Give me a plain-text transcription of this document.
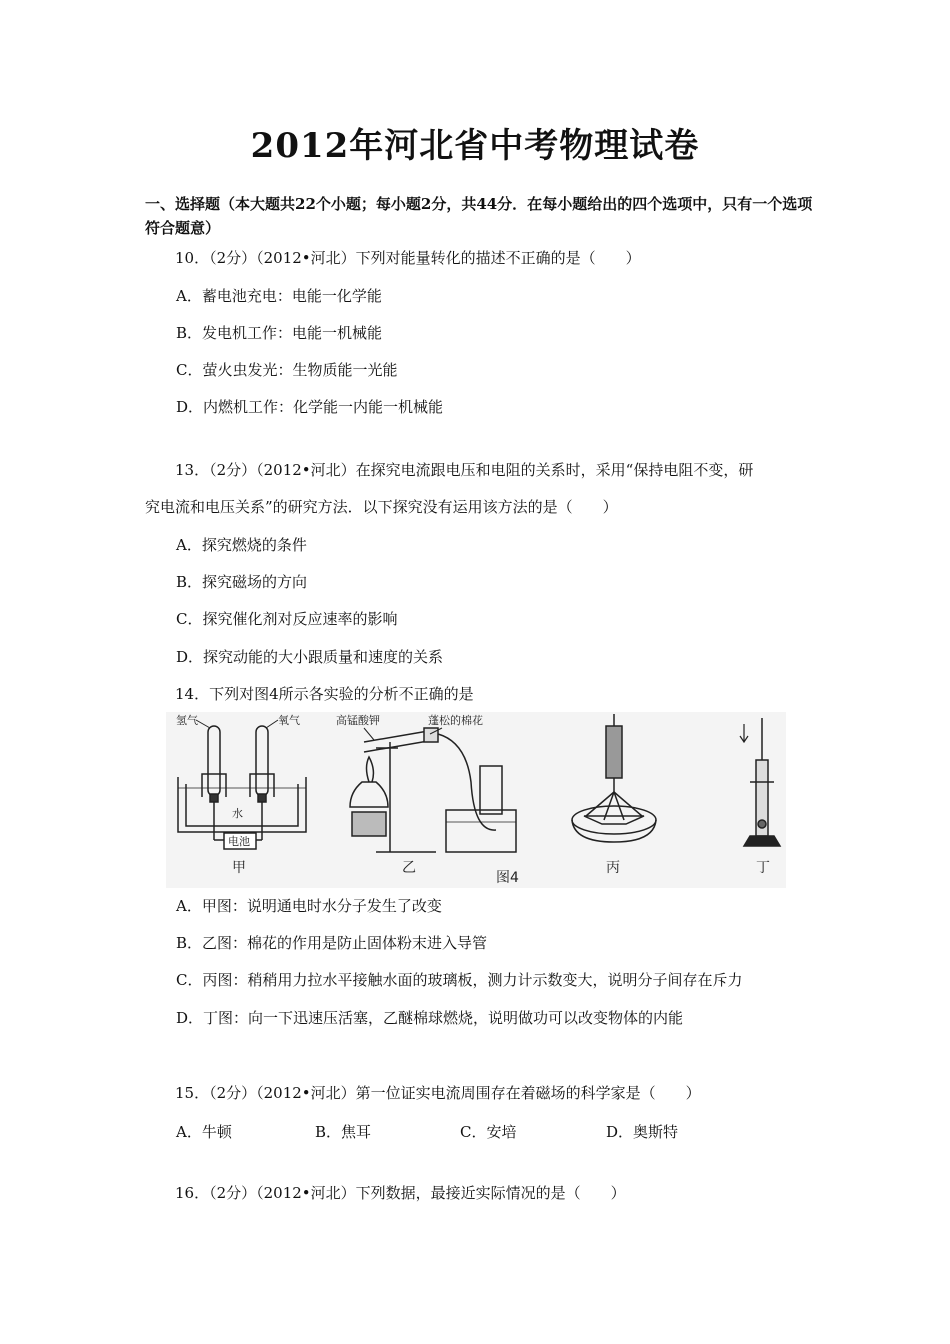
2012年河北省中考物理试卷
一、选择题（本大题共22个小题；每小题2分，共44分．在每小题给出的四个选项中，只有一个选项符合题意）
10．（2分）（2012•河北）下列对能量转化的描述不正确的是（　　）
A．蓄电池充电：电能一化学能
B．发电机工作：电能一机械能
C．萤火虫发光：生物质能一光能
D．内燃机工作：化学能一内能一机械能
13．（2分）（2012•河北）在探究电流跟电压和电阻的关系时，采用“保持电阻不变，研
究电流和电压关系”的研究方法．以下探究没有运用该方法的是（　　）
A．探究燃烧的条件
B．探究磁场的方向
C．探究催化剂对反应速率的影响
D．探究动能的大小跟质量和速度的关系
14．下列对图4所示各实验的分析不正确的是
氢气	氧气
水
电池
甲
高锰酸钾	蓬松的棉花
乙
图4
丙	丁
A．甲图：说明通电时水分子发生了改变
B．乙图：棉花的作用是防止固体粉末进入导管
C．丙图：稍稍用力拉水平接触水面的玻璃板，测力计示数变大，说明分子间存在斥力
D．丁图：向一下迅速压活塞，乙醚棉球燃烧，说明做功可以改变物体的内能
15．（2分）（2012•河北）第一位证实电流周围存在着磁场的科学家是（　　）
A．牛顿	B．焦耳	C．安培	D．奥斯特
16．（2分）（2012•河北）下列数据，最接近实际情况的是（　　）
